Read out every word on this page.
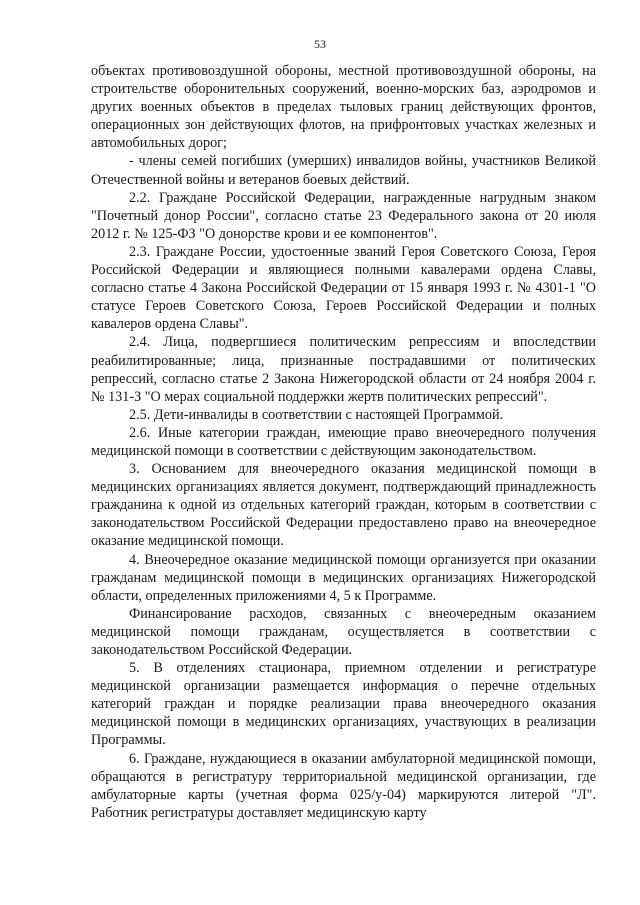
53

объектах противовоздушной обороны, местной противовоздушной обороны, на строительстве оборонительных сооружений, военно-морских баз, аэродромов и других военных объектов в пределах тыловых границ действующих фронтов, операционных зон действующих флотов, на прифронтовых участках железных и автомобильных дорог;

- члены семей погибших (умерших) инвалидов войны, участников Великой Отечественной войны и ветеранов боевых действий.

2.2. Граждане Российской Федерации, награжденные нагрудным знаком "Почетный донор России", согласно статье 23 Федерального закона от 20 июля 2012 г. № 125-ФЗ "О донорстве крови и ее компонентов".

2.3. Граждане России, удостоенные званий Героя Советского Союза, Героя Российской Федерации и являющиеся полными кавалерами ордена Славы, согласно статье 4 Закона Российской Федерации от 15 января 1993 г. № 4301-1 "О статусе Героев Советского Союза, Героев Российской Федерации и полных кавалеров ордена Славы".

2.4. Лица, подвергшиеся политическим репрессиям и впоследствии реабилитированные; лица, признанные пострадавшими от политических репрессий, согласно статье 2 Закона Нижегородской области от 24 ноября 2004 г. № 131-З "О мерах социальной поддержки жертв политических репрессий".

2.5. Дети-инвалиды в соответствии с настоящей Программой.

2.6. Иные категории граждан, имеющие право внеочередного получения медицинской помощи в соответствии с действующим законодательством.

3. Основанием для внеочередного оказания медицинской помощи в медицинских организациях является документ, подтверждающий принадлежность гражданина к одной из отдельных категорий граждан, которым в соответствии с законодательством Российской Федерации предоставлено право на внеочередное оказание медицинской помощи.

4. Внеочередное оказание медицинской помощи организуется при оказании гражданам медицинской помощи в медицинских организациях Нижегородской области, определенных приложениями 4, 5 к Программе.

Финансирование расходов, связанных с внеочередным оказанием медицинской помощи гражданам, осуществляется в соответствии с законодательством Российской Федерации.

5. В отделениях стационара, приемном отделении и регистратуре медицинской организации размещается информация о перечне отдельных категорий граждан и порядке реализации права внеочередного оказания медицинской помощи в медицинских организациях, участвующих в реализации Программы.

6. Граждане, нуждающиеся в оказании амбулаторной медицинской помощи, обращаются в регистратуру территориальной медицинской организации, где амбулаторные карты (учетная форма 025/у-04) маркируются литерой "Л". Работник регистратуры доставляет медицинскую карту
